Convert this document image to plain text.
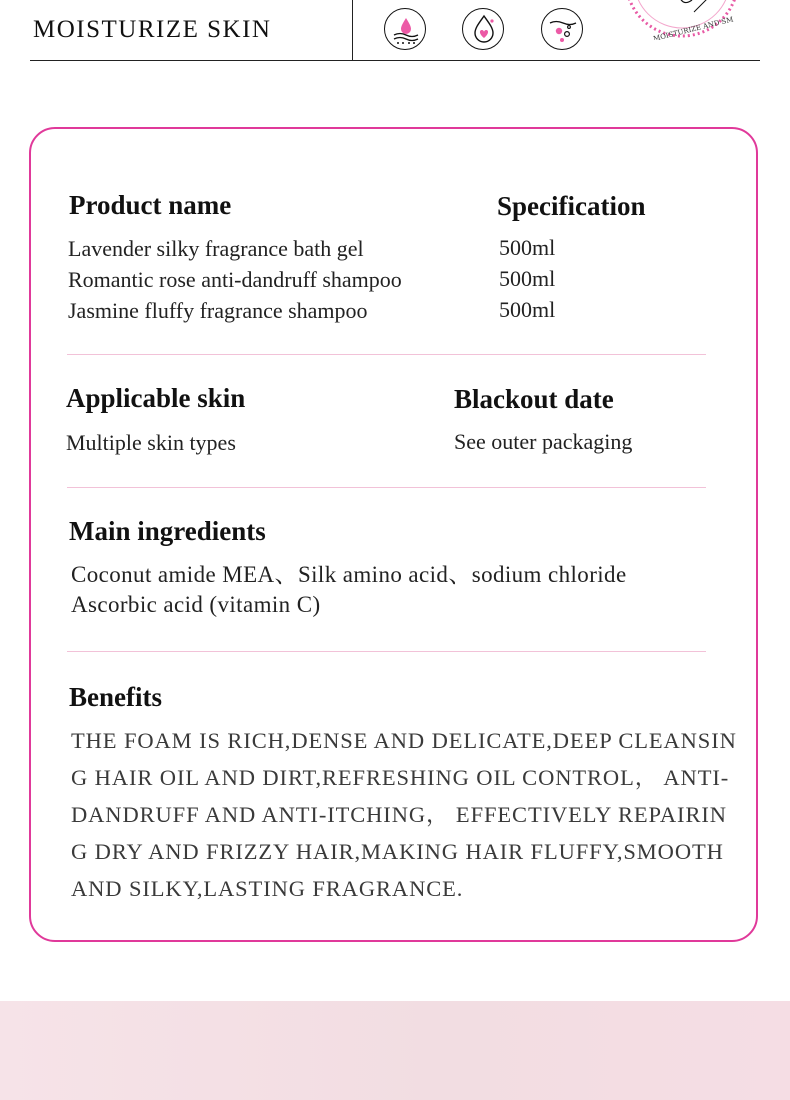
MOISTURIZE SKIN	MOISTURIZE AND SM
Product name	Specification
Lavender silky fragrance bath gel
Romantic rose anti-dandruff shampoo
Jasmine fluffy fragrance shampoo
500ml
500ml
500ml
Applicable skin
Multiple skin types
Blackout date
See outer packaging
Main ingredients
Coconut amide MEA、Silk amino acid、sodium chloride
Ascorbic acid (vitamin C)
Benefits
THE FOAM IS RICH,DENSE AND DELICATE,DEEP CLEANSING HAIR OIL AND DIRT,REFRESHING OIL CONTROL， ANTI-DANDRUFF AND ANTI-ITCHING， EFFECTIVELY REPAIRING DRY AND FRIZZY HAIR,MAKING HAIR FLUFFY,SMOOTH AND SILKY,LASTING FRAGRANCE.
